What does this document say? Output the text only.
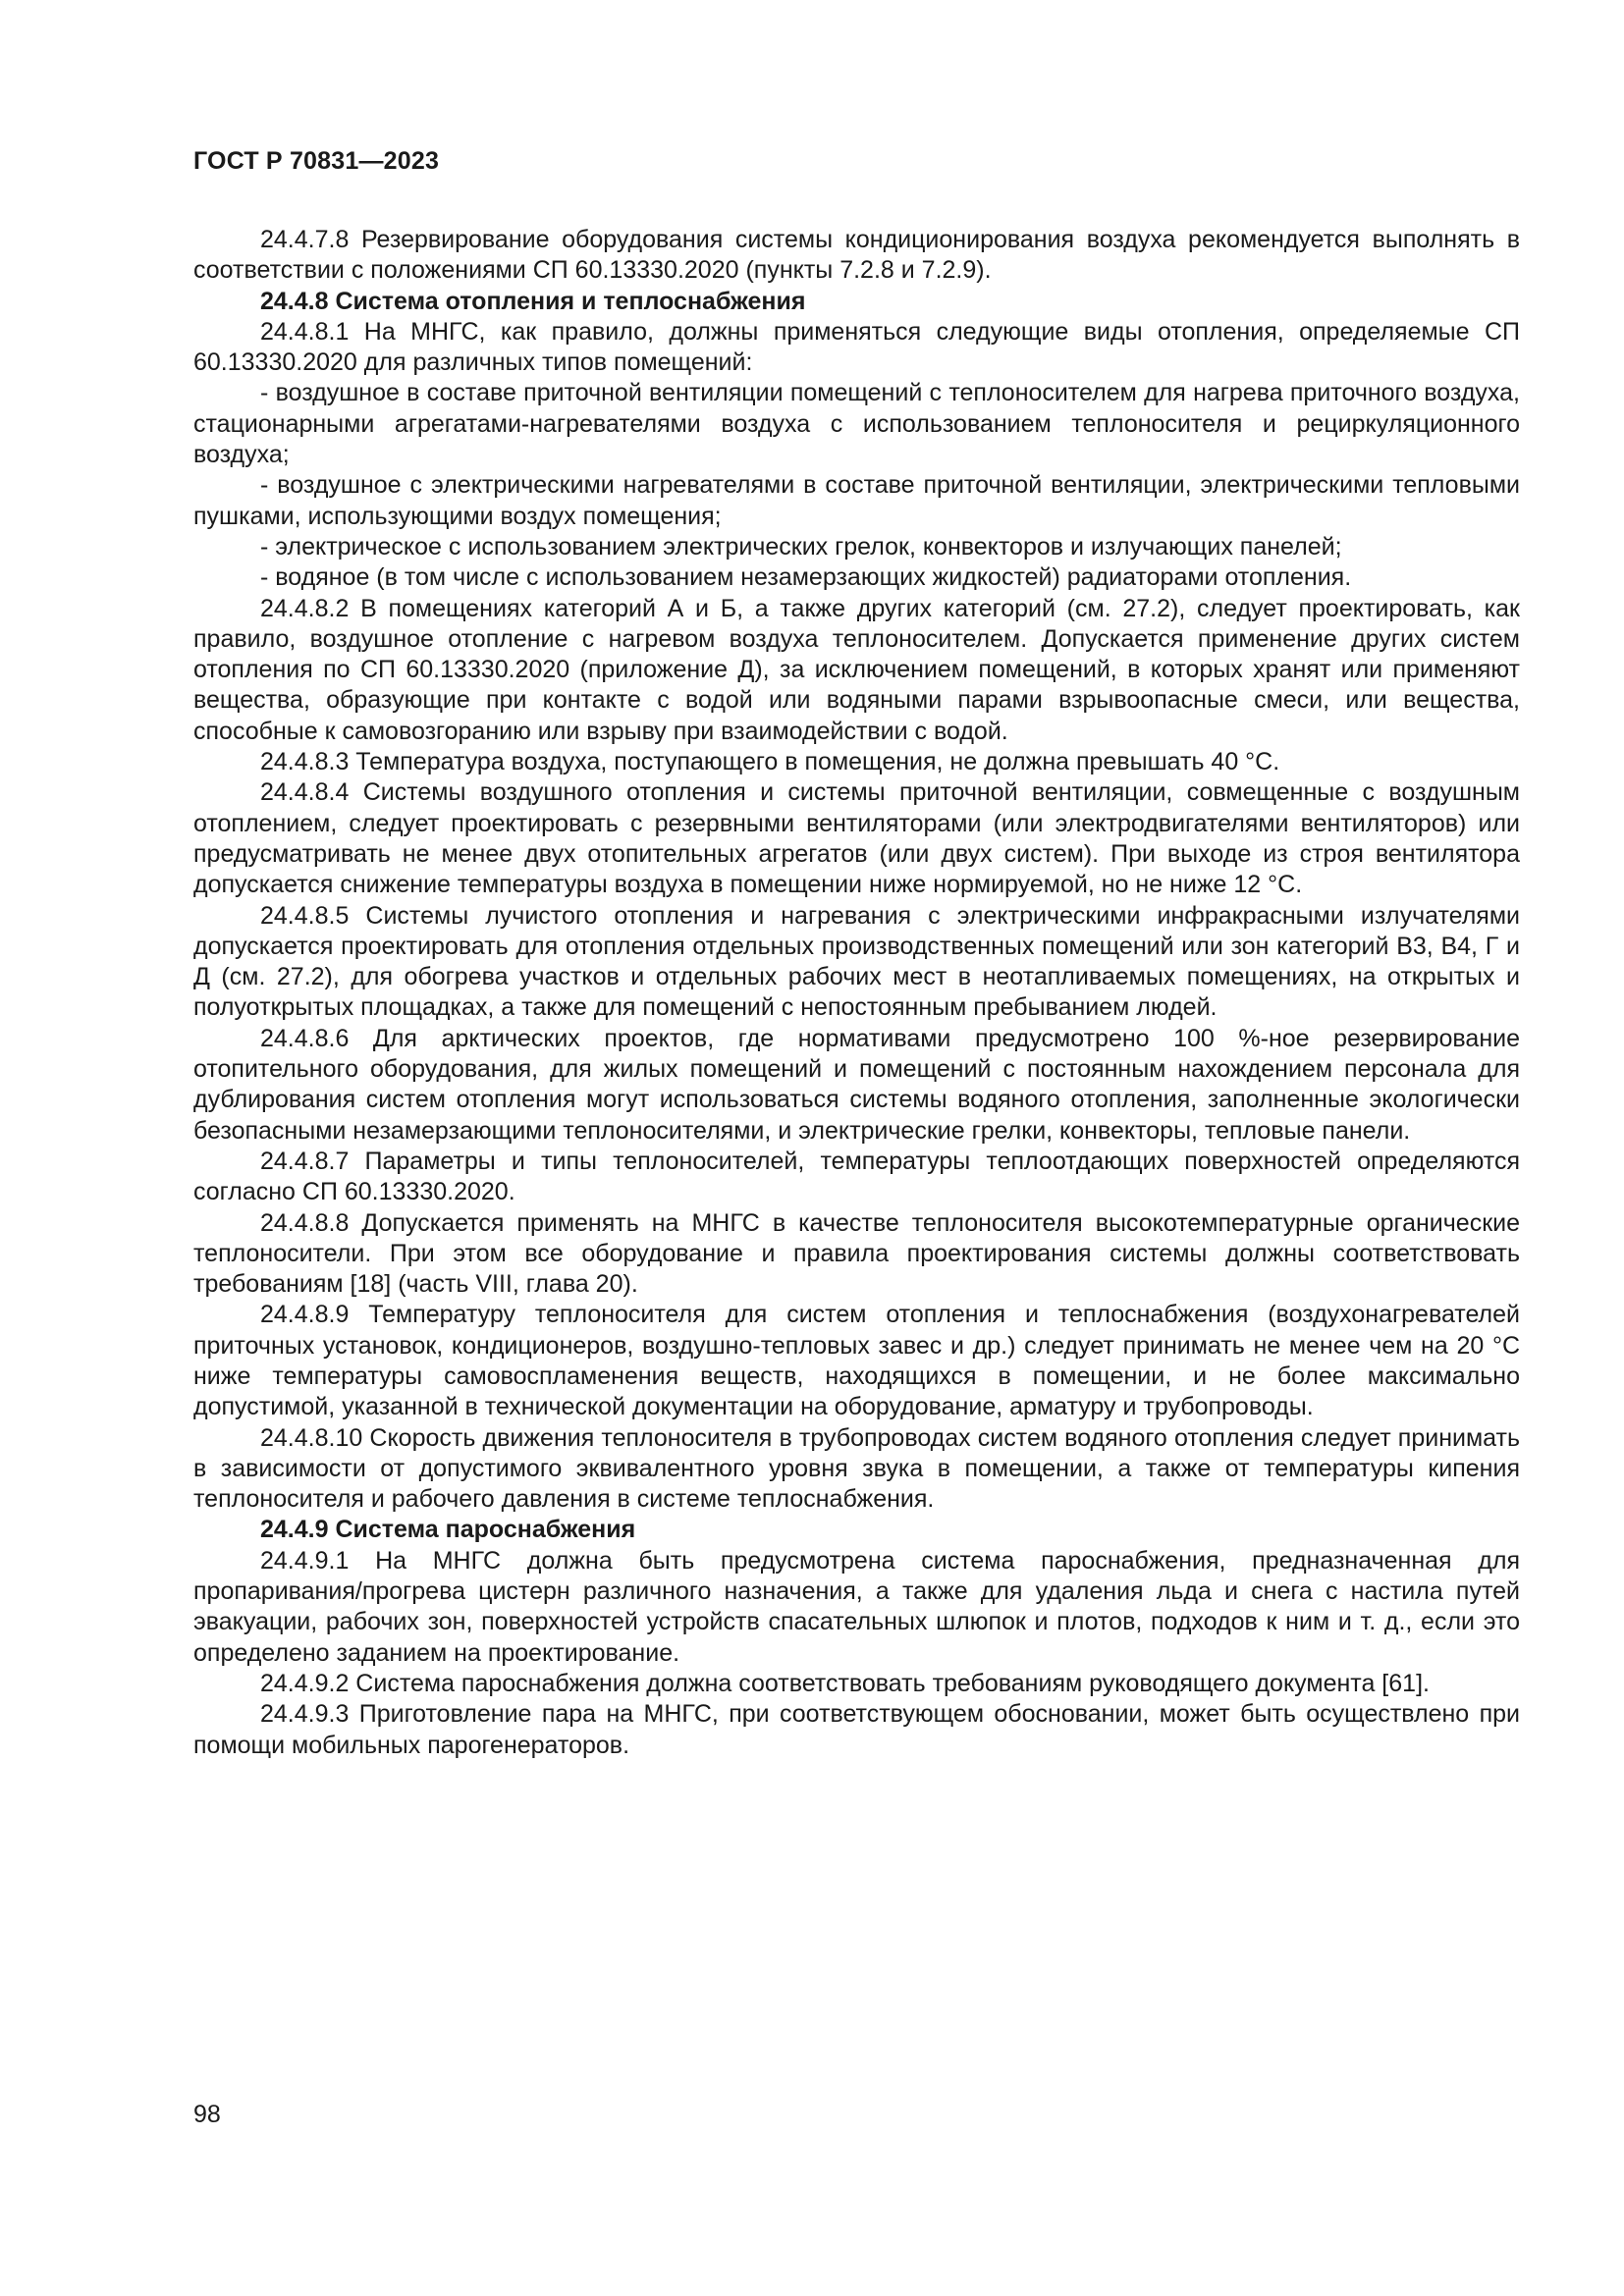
ГОСТ Р 70831—2023

24.4.7.8 Резервирование оборудования системы кондиционирования воздуха рекомендуется выполнять в соответствии с положениями СП 60.13330.2020 (пункты 7.2.8 и 7.2.9).

24.4.8 Система отопления и теплоснабжения

24.4.8.1 На МНГС, как правило, должны применяться следующие виды отопления, определяемые СП 60.13330.2020 для различных типов помещений:

- воздушное в составе приточной вентиляции помещений с теплоносителем для нагрева приточного воздуха, стационарными агрегатами-нагревателями воздуха с использованием теплоносителя и рециркуляционного воздуха;

- воздушное с электрическими нагревателями в составе приточной вентиляции, электрическими тепловыми пушками, использующими воздух помещения;

- электрическое с использованием электрических грелок, конвекторов и излучающих панелей;

- водяное (в том числе с использованием незамерзающих жидкостей) радиаторами отопления.

24.4.8.2 В помещениях категорий А и Б, а также других категорий (см. 27.2), следует проектировать, как правило, воздушное отопление с нагревом воздуха теплоносителем. Допускается применение других систем отопления по СП 60.13330.2020 (приложение Д), за исключением помещений, в которых хранят или применяют вещества, образующие при контакте с водой или водяными парами взрывоопасные смеси, или вещества, способные к самовозгоранию или взрыву при взаимодействии с водой.

24.4.8.3 Температура воздуха, поступающего в помещения, не должна превышать 40 °С.

24.4.8.4 Системы воздушного отопления и системы приточной вентиляции, совмещенные с воздушным отоплением, следует проектировать с резервными вентиляторами (или электродвигателями вентиляторов) или предусматривать не менее двух отопительных агрегатов (или двух систем). При выходе из строя вентилятора допускается снижение температуры воздуха в помещении ниже нормируемой, но не ниже 12 °С.

24.4.8.5 Системы лучистого отопления и нагревания с электрическими инфракрасными излучателями допускается проектировать для отопления отдельных производственных помещений или зон категорий В3, В4, Г и Д (см. 27.2), для обогрева участков и отдельных рабочих мест в неотапливаемых помещениях, на открытых и полуоткрытых площадках, а также для помещений с непостоянным пребыванием людей.

24.4.8.6 Для арктических проектов, где нормативами предусмотрено 100 %-ное резервирование отопительного оборудования, для жилых помещений и помещений с постоянным нахождением персонала для дублирования систем отопления могут использоваться системы водяного отопления, заполненные экологически безопасными незамерзающими теплоносителями, и электрические грелки, конвекторы, тепловые панели.

24.4.8.7 Параметры и типы теплоносителей, температуры теплоотдающих поверхностей определяются согласно СП 60.13330.2020.

24.4.8.8 Допускается применять на МНГС в качестве теплоносителя высокотемпературные органические теплоносители. При этом все оборудование и правила проектирования системы должны соответствовать требованиям [18] (часть VIII, глава 20).

24.4.8.9 Температуру теплоносителя для систем отопления и теплоснабжения (воздухонагревателей приточных установок, кондиционеров, воздушно-тепловых завес и др.) следует принимать не менее чем на 20 °С ниже температуры самовоспламенения веществ, находящихся в помещении, и не более максимально допустимой, указанной в технической документации на оборудование, арматуру и трубопроводы.

24.4.8.10 Скорость движения теплоносителя в трубопроводах систем водяного отопления следует принимать в зависимости от допустимого эквивалентного уровня звука в помещении, а также от температуры кипения теплоносителя и рабочего давления в системе теплоснабжения.

24.4.9 Система пароснабжения

24.4.9.1 На МНГС должна быть предусмотрена система пароснабжения, предназначенная для пропаривания/прогрева цистерн различного назначения, а также для удаления льда и снега с настила путей эвакуации, рабочих зон, поверхностей устройств спасательных шлюпок и плотов, подходов к ним и т. д., если это определено заданием на проектирование.

24.4.9.2 Система пароснабжения должна соответствовать требованиям руководящего документа [61].

24.4.9.3 Приготовление пара на МНГС, при соответствующем обосновании, может быть осуществлено при помощи мобильных парогенераторов.

98
